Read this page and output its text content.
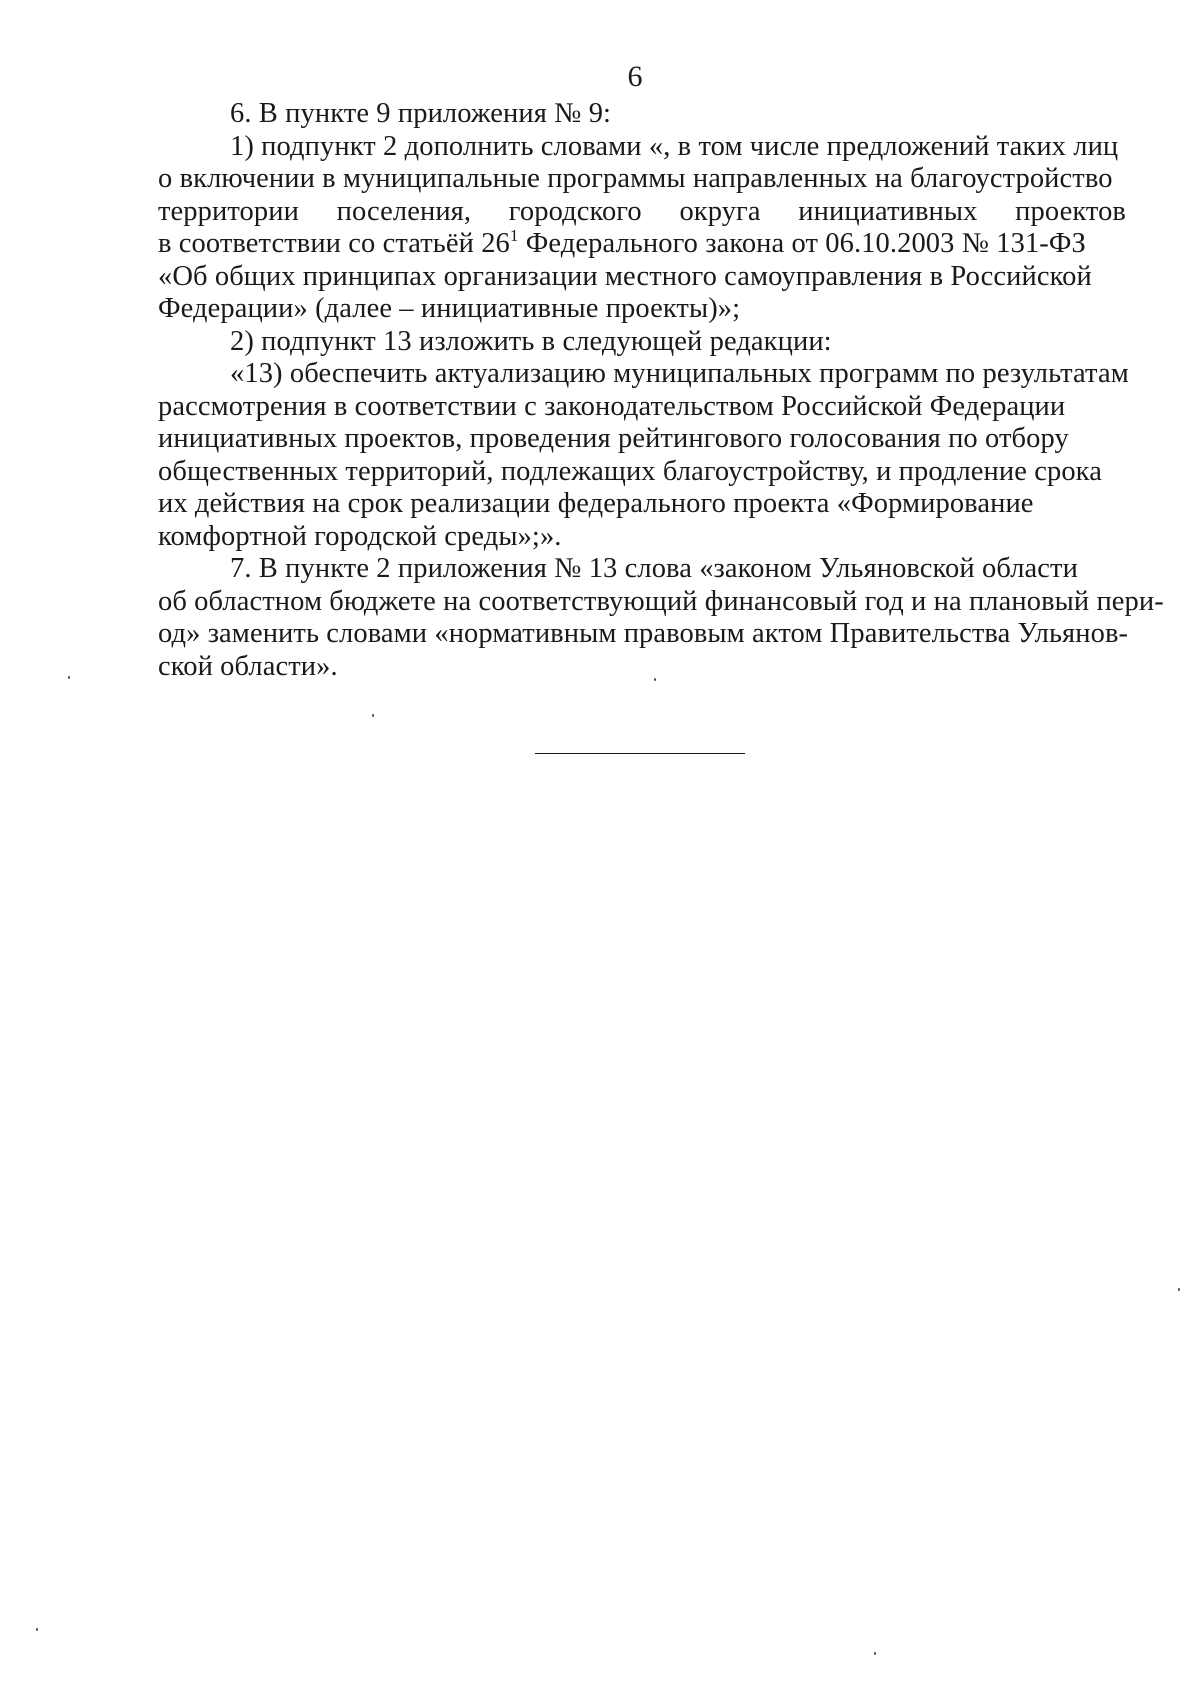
6
6. В пункте 9 приложения № 9:
1) подпункт 2 дополнить словами «, в том числе предложений таких лиц
о включении в муниципальные программы направленных на благоустройство
территории поселения, городского округа инициативных проектов
в соответствии со статьёй $26^1$ Федерального закона от 06.10.2003 № 131-ФЗ
«Об общих принципах организации местного самоуправления в Российской
Федерации» (далее – инициативные проекты)»;
2) подпункт 13 изложить в следующей редакции:
«13) обеспечить актуализацию муниципальных программ по результатам
рассмотрения в соответствии с законодательством Российской Федерации
инициативных проектов, проведения рейтингового голосования по отбору
общественных территорий, подлежащих благоустройству, и продление срока
их действия на срок реализации федерального проекта «Формирование
комфортной городской среды»;».
7. В пункте 2 приложения № 13 слова «законом Ульяновской области
об областном бюджете на соответствующий финансовый год и на плановый пери-
од» заменить словами «нормативным правовым актом Правительства Ульянов-
ской области».
